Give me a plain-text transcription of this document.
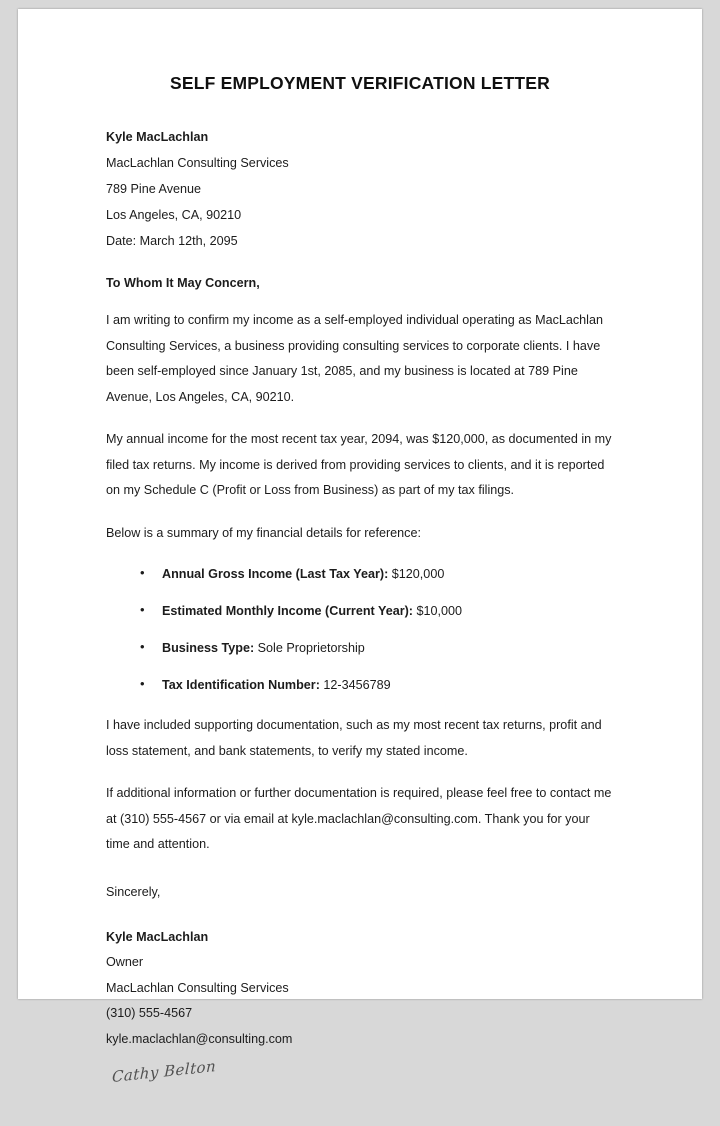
SELF EMPLOYMENT VERIFICATION LETTER
Kyle MacLachlan
MacLachlan Consulting Services
789 Pine Avenue
Los Angeles, CA, 90210
Date: March 12th, 2095
To Whom It May Concern,

I am writing to confirm my income as a self-employed individual operating as MacLachlan Consulting Services, a business providing consulting services to corporate clients. I have been self-employed since January 1st, 2085, and my business is located at 789 Pine Avenue, Los Angeles, CA, 90210.

My annual income for the most recent tax year, 2094, was $120,000, as documented in my filed tax returns. My income is derived from providing services to clients, and it is reported on my Schedule C (Profit or Loss from Business) as part of my tax filings.

Below is a summary of my financial details for reference:

• Annual Gross Income (Last Tax Year): $120,000
• Estimated Monthly Income (Current Year): $10,000
• Business Type: Sole Proprietorship
• Tax Identification Number: 12-3456789

I have included supporting documentation, such as my most recent tax returns, profit and loss statement, and bank statements, to verify my stated income.

If additional information or further documentation is required, please feel free to contact me at (310) 555-4567 or via email at kyle.maclachlan@consulting.com. Thank you for your time and attention.

Sincerely,
Kyle MacLachlan
Owner
MacLachlan Consulting Services
(310) 555-4567
kyle.maclachlan@consulting.com
Cathy Belton
